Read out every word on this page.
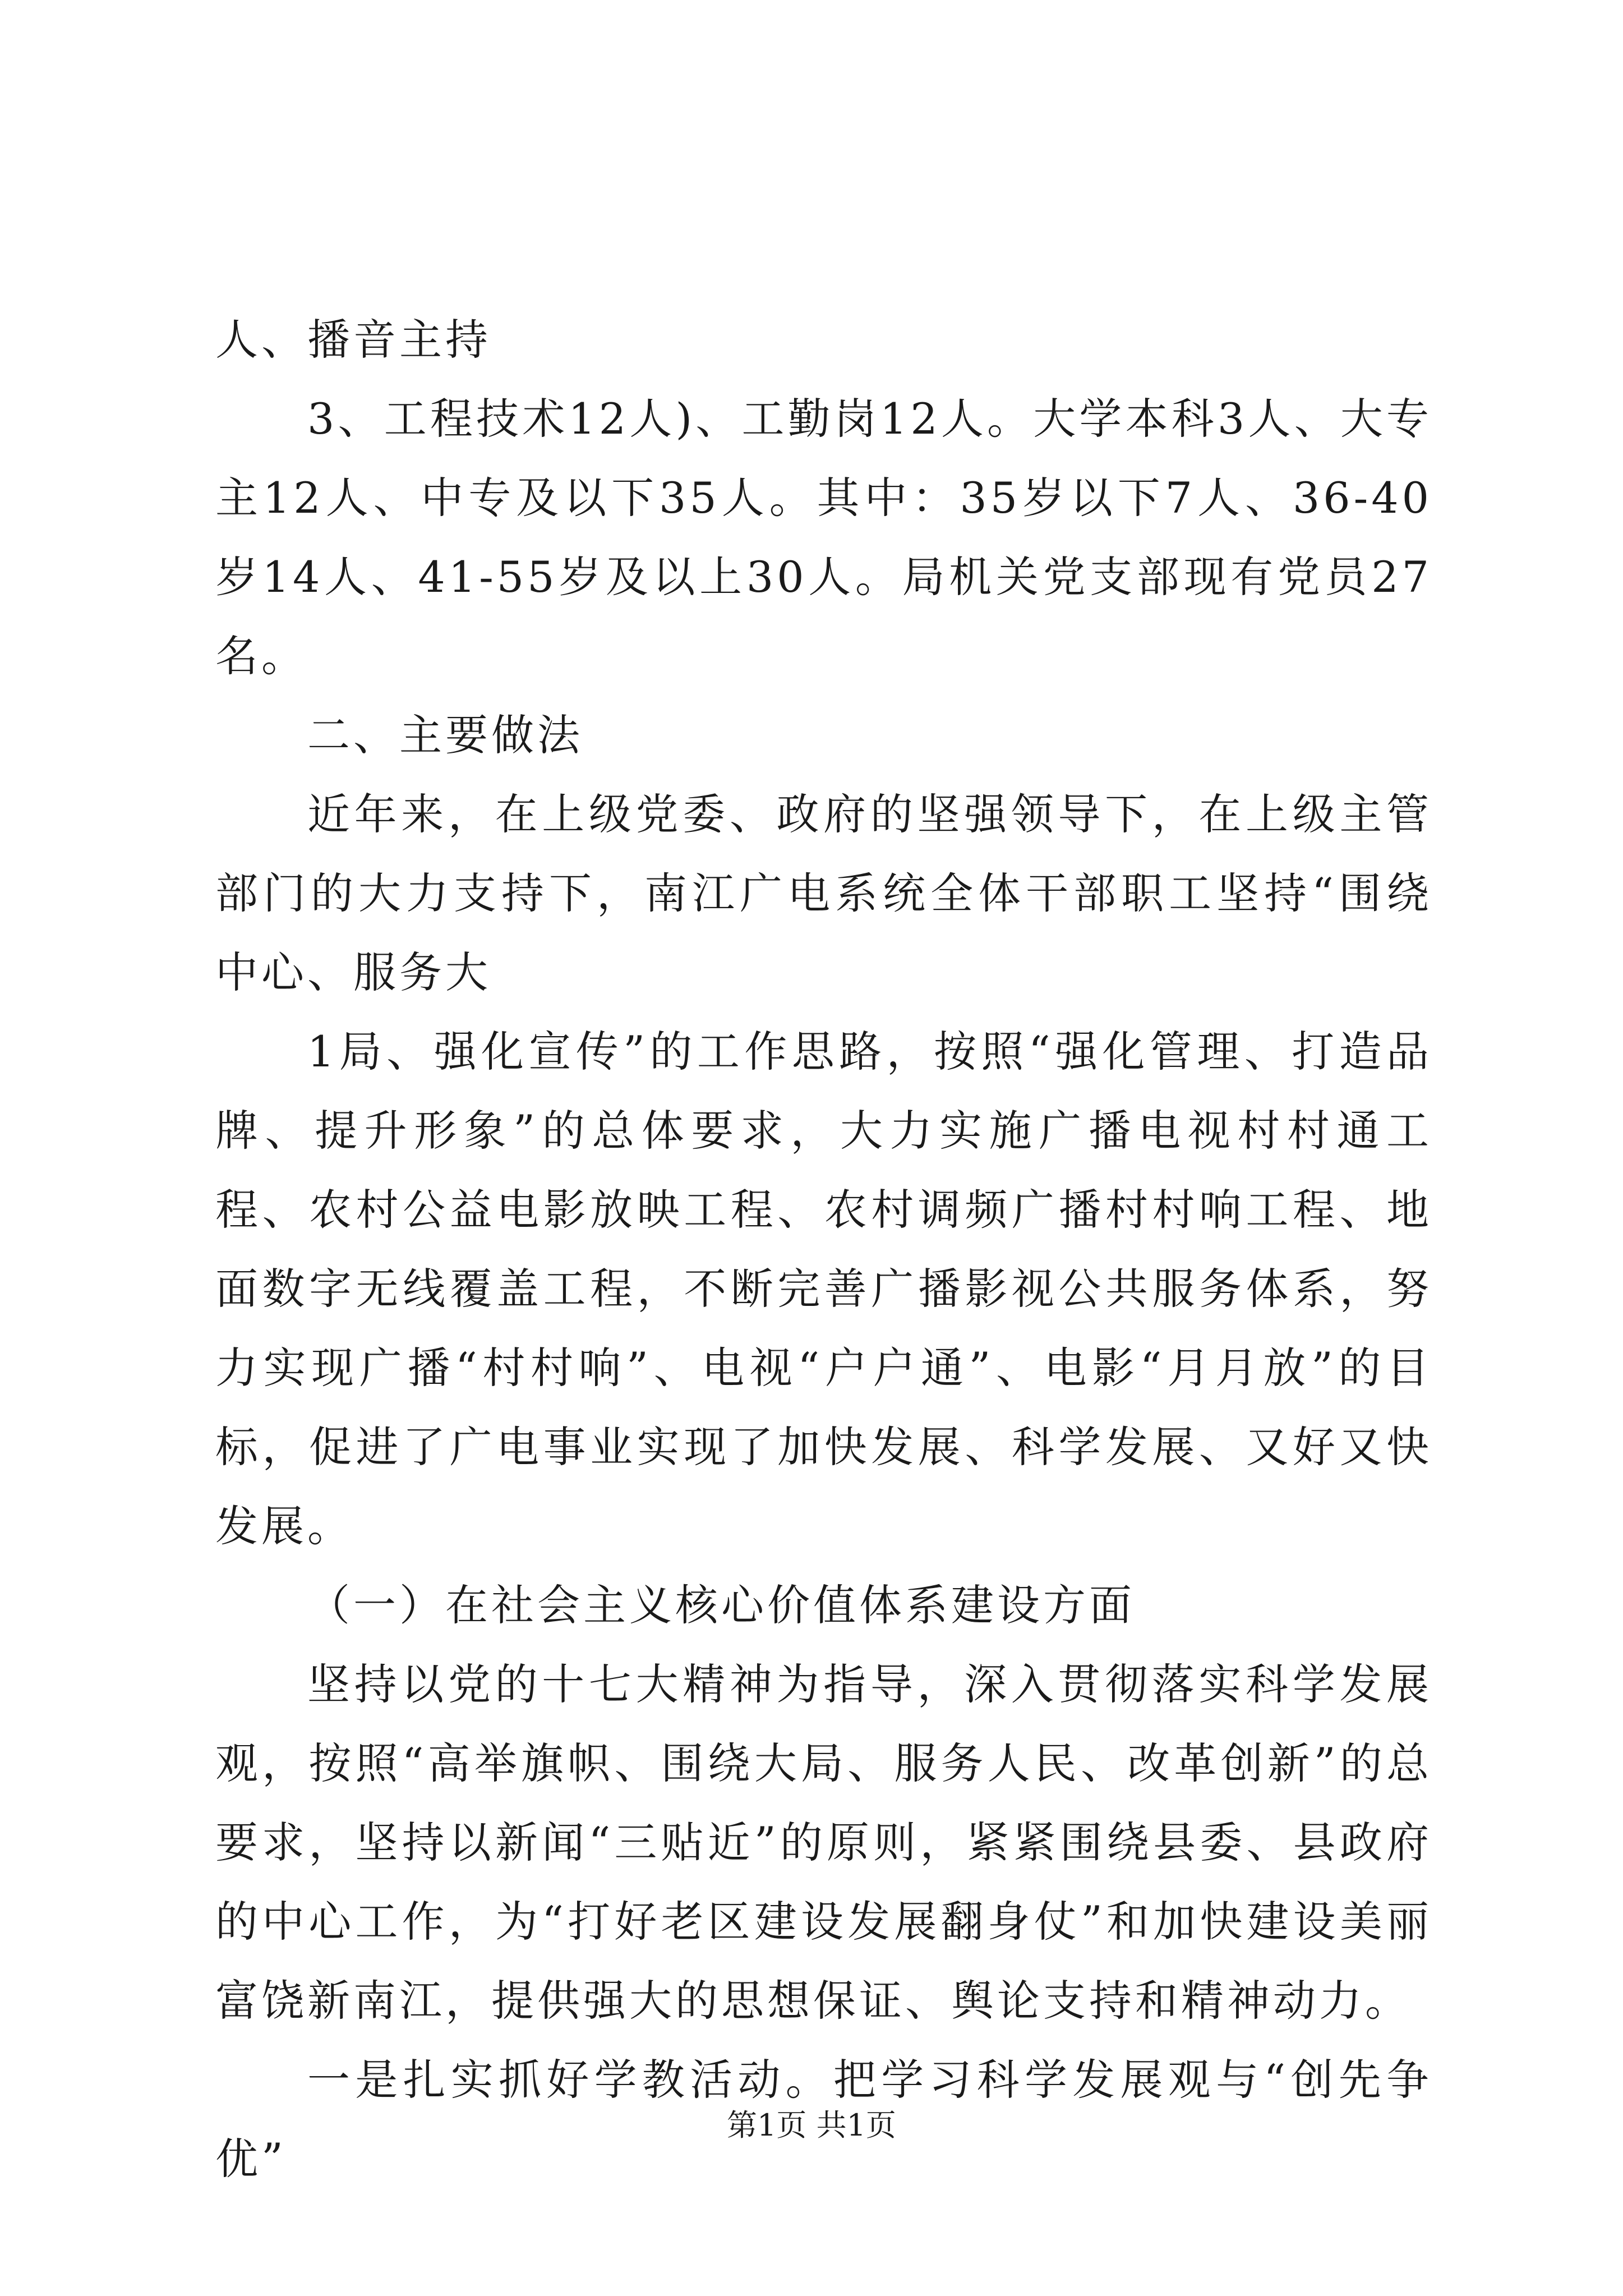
人、播音主持

3、工程技术12人)、工勤岗12人。大学本科3人、大专主12人、中专及以下35人。其中：35岁以下7人、36-40岁14人、41-55岁及以上30人。局机关党支部现有党员27名。

二、主要做法

近年来，在上级党委、政府的坚强领导下，在上级主管部门的大力支持下，南江广电系统全体干部职工坚持“围绕中心、服务大

1局、强化宣传”的工作思路，按照“强化管理、打造品牌、提升形象”的总体要求，大力实施广播电视村村通工程、农村公益电影放映工程、农村调频广播村村响工程、地面数字无线覆盖工程，不断完善广播影视公共服务体系，努力实现广播“村村响”、电视“户户通”、电影“月月放”的目标，促进了广电事业实现了加快发展、科学发展、又好又快发展。

（一）在社会主义核心价值体系建设方面

坚持以党的十七大精神为指导，深入贯彻落实科学发展观，按照“高举旗帜、围绕大局、服务人民、改革创新”的总要求，坚持以新闻“三贴近”的原则，紧紧围绕县委、县政府的中心工作，为“打好老区建设发展翻身仗”和加快建设美丽富饶新南江，提供强大的思想保证、舆论支持和精神动力。

一是扎实抓好学教活动。把学习科学发展观与“创先争优”

第1页 共1页
